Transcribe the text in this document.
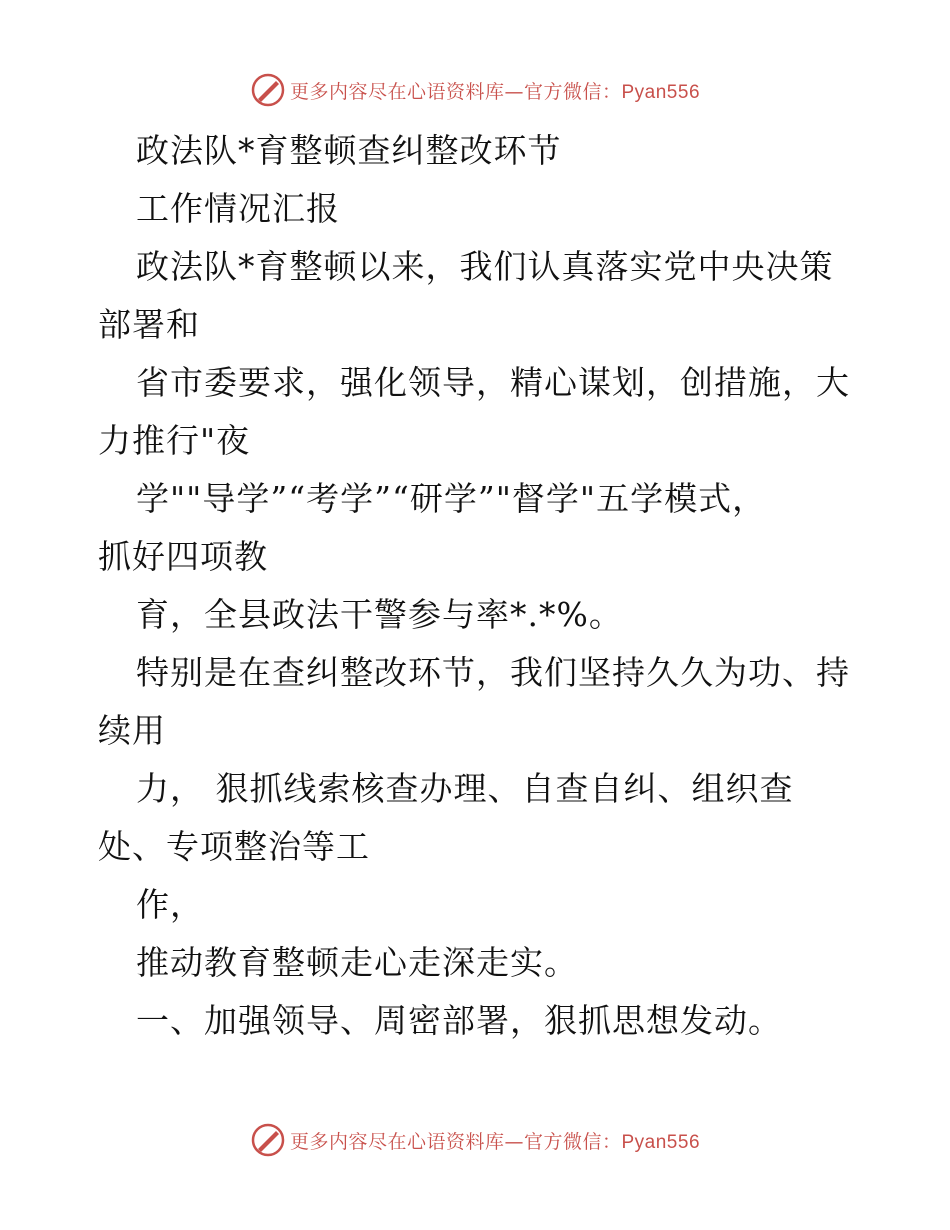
更多内容尽在心语资料库—官方微信：Pyan556
政法队*育整顿查纠整改环节
工作情况汇报
政法队*育整顿以来，我们认真落实党中央决策
部署和
省市委要求，强化领导，精心谋划，创措施，大
力推行"夜
学""导学”“考学”“研学”"督学"五学模式，
抓好四项教
育，全县政法干警参与率*.*%。
特别是在查纠整改环节，我们坚持久久为功、持
续用
力， 狠抓线索核查办理、自查自纠、组织查
处、专项整治等工
作，
推动教育整顿走心走深走实。
一、加强领导、周密部署，狠抓思想发动。
更多内容尽在心语资料库—官方微信：Pyan556
